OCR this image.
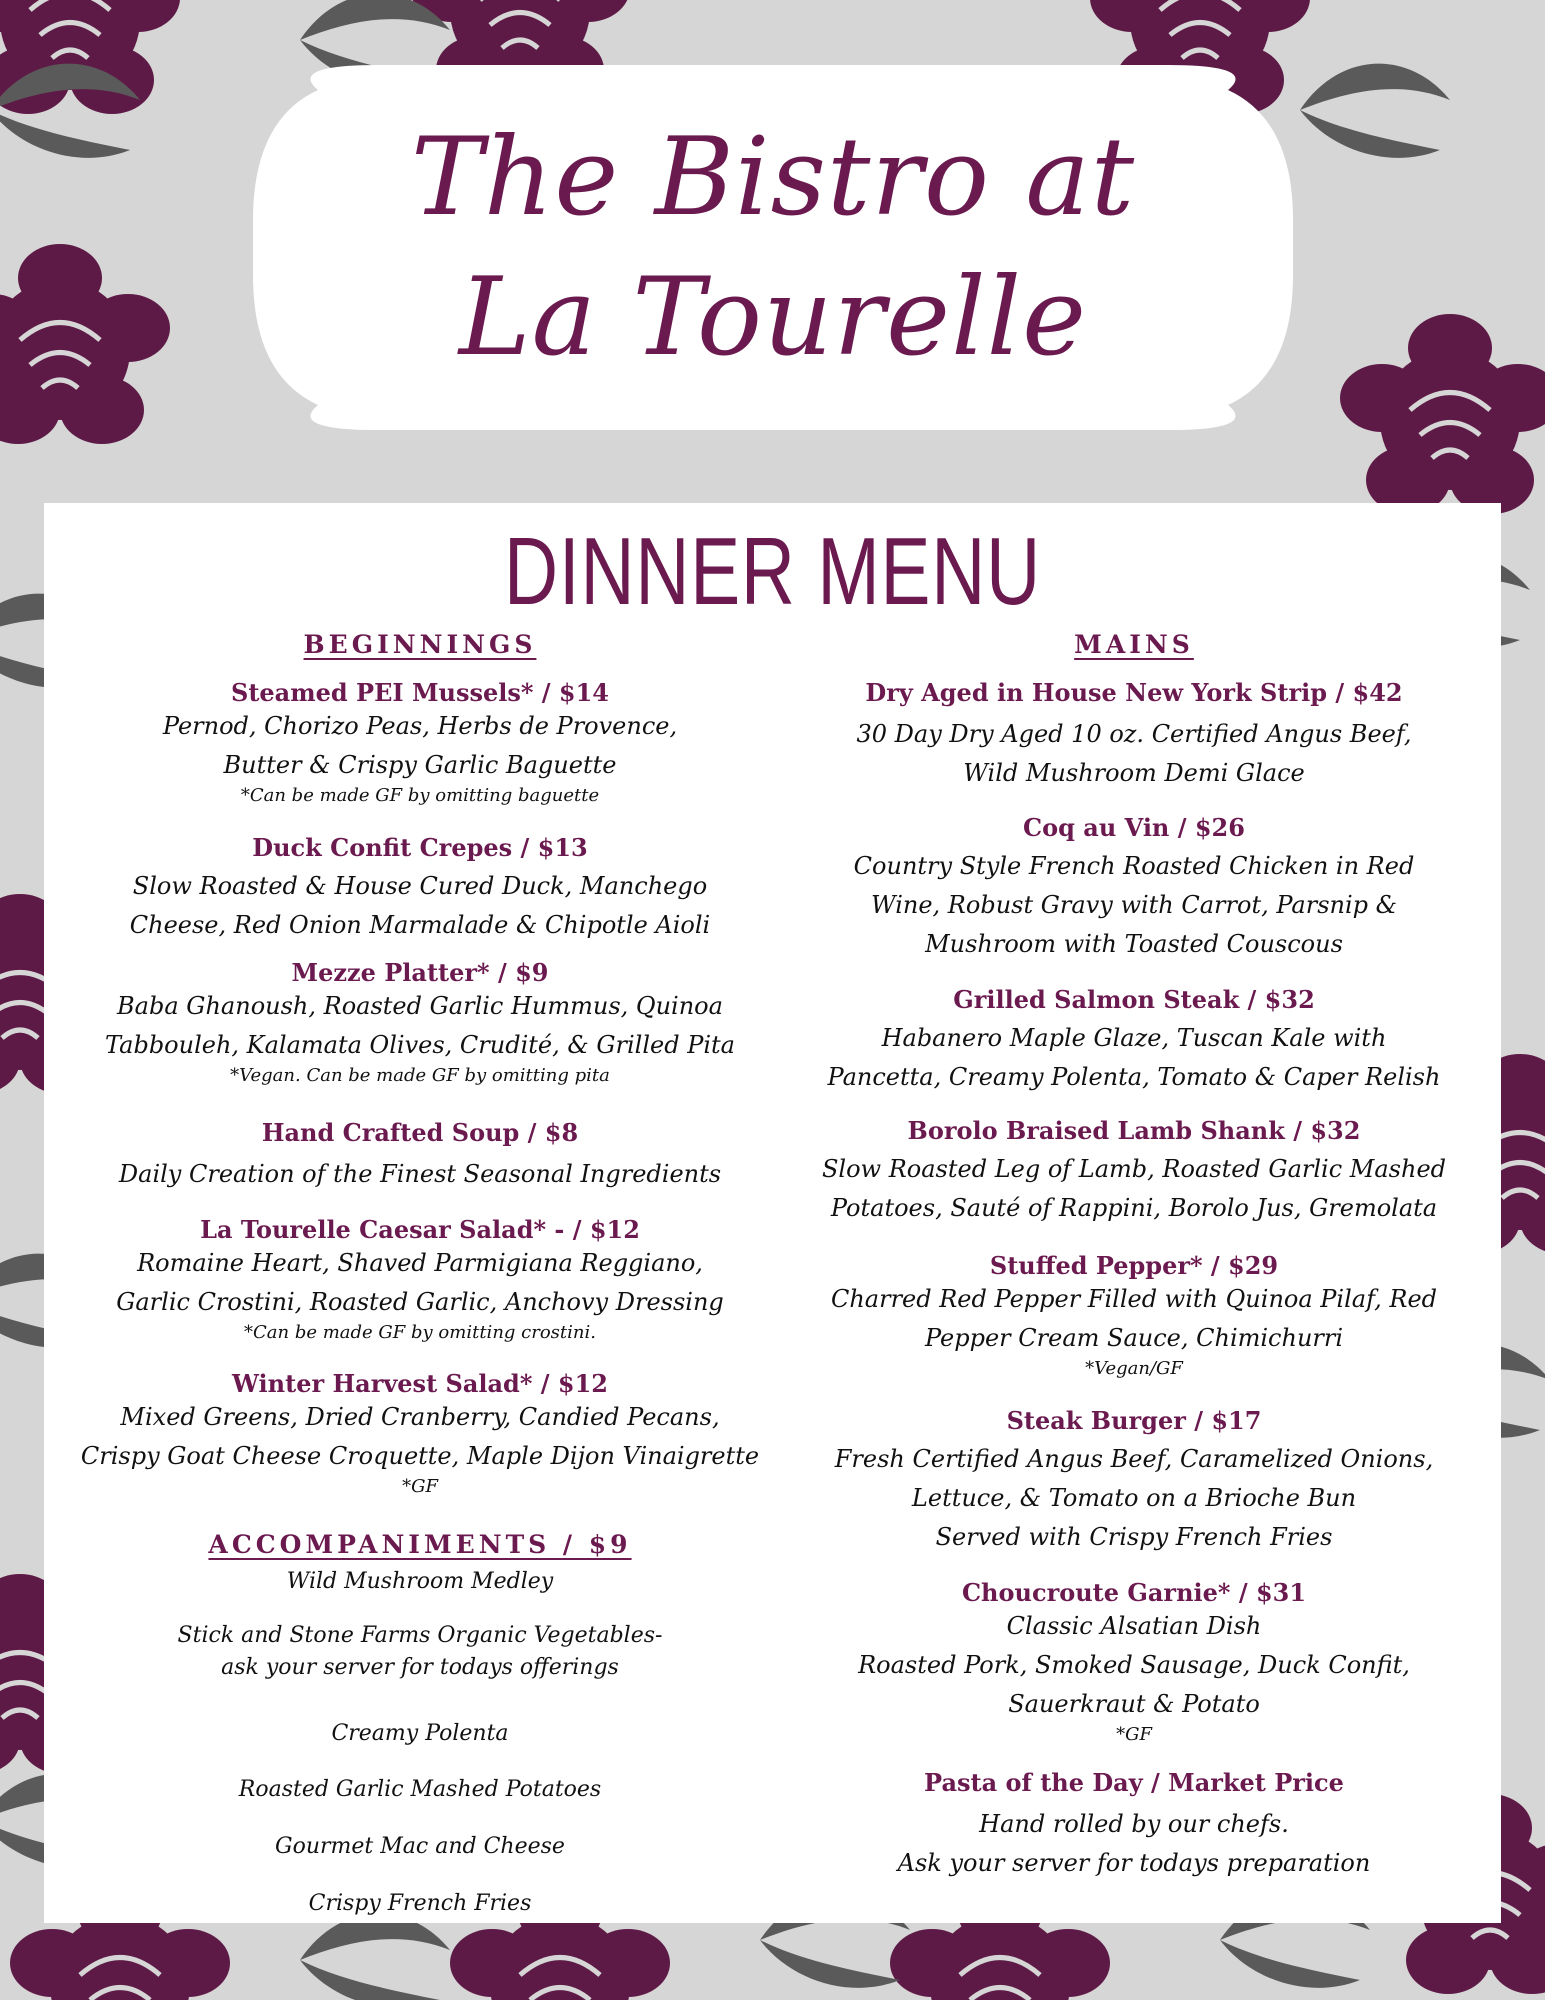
The Bistro at
La Tourelle
DINNER MENU
BEGINNINGS
Steamed PEI Mussels* / $14
Pernod, Chorizo Peas, Herbs de Provence,
Butter & Crispy Garlic Baguette
*Can be made GF by omitting baguette
Duck Confit Crepes / $13
Slow Roasted & House Cured Duck, Manchego
Cheese, Red Onion Marmalade & Chipotle Aioli
Mezze Platter* / $9
Baba Ghanoush, Roasted Garlic Hummus, Quinoa
Tabbouleh, Kalamata Olives, Crudité, & Grilled Pita
*Vegan. Can be made GF by omitting pita
Hand Crafted Soup / $8
Daily Creation of the Finest Seasonal Ingredients
La Tourelle Caesar Salad* - / $12
Romaine Heart, Shaved Parmigiana Reggiano,
Garlic Crostini, Roasted Garlic, Anchovy Dressing
*Can be made GF by omitting crostini.
Winter Harvest Salad* / $12
Mixed Greens, Dried Cranberry, Candied Pecans,
Crispy Goat Cheese Croquette, Maple Dijon Vinaigrette
*GF
ACCOMPANIMENTS / $9
Wild Mushroom Medley
Stick and Stone Farms Organic Vegetables-
ask your server for todays offerings
Creamy Polenta
Roasted Garlic Mashed Potatoes
Gourmet Mac and Cheese
Crispy French Fries
MAINS
Dry Aged in House New York Strip / $42
30 Day Dry Aged 10 oz. Certified Angus Beef,
Wild Mushroom Demi Glace
Coq au Vin / $26
Country Style French Roasted Chicken in Red
Wine, Robust Gravy with Carrot, Parsnip &
Mushroom with Toasted Couscous
Grilled Salmon Steak / $32
Habanero Maple Glaze, Tuscan Kale with
Pancetta, Creamy Polenta, Tomato & Caper Relish
Borolo Braised Lamb Shank / $32
Slow Roasted Leg of Lamb, Roasted Garlic Mashed
Potatoes, Sauté of Rappini, Borolo Jus, Gremolata
Stuffed Pepper* / $29
Charred Red Pepper Filled with Quinoa Pilaf, Red
Pepper Cream Sauce, Chimichurri
*Vegan/GF
Steak Burger / $17
Fresh Certified Angus Beef, Caramelized Onions,
Lettuce, & Tomato on a Brioche Bun
Served with Crispy French Fries
Choucroute Garnie* / $31
Classic Alsatian Dish
Roasted Pork, Smoked Sausage, Duck Confit,
Sauerkraut & Potato
*GF
Pasta of the Day / Market Price
Hand rolled by our chefs.
Ask your server for todays preparation
